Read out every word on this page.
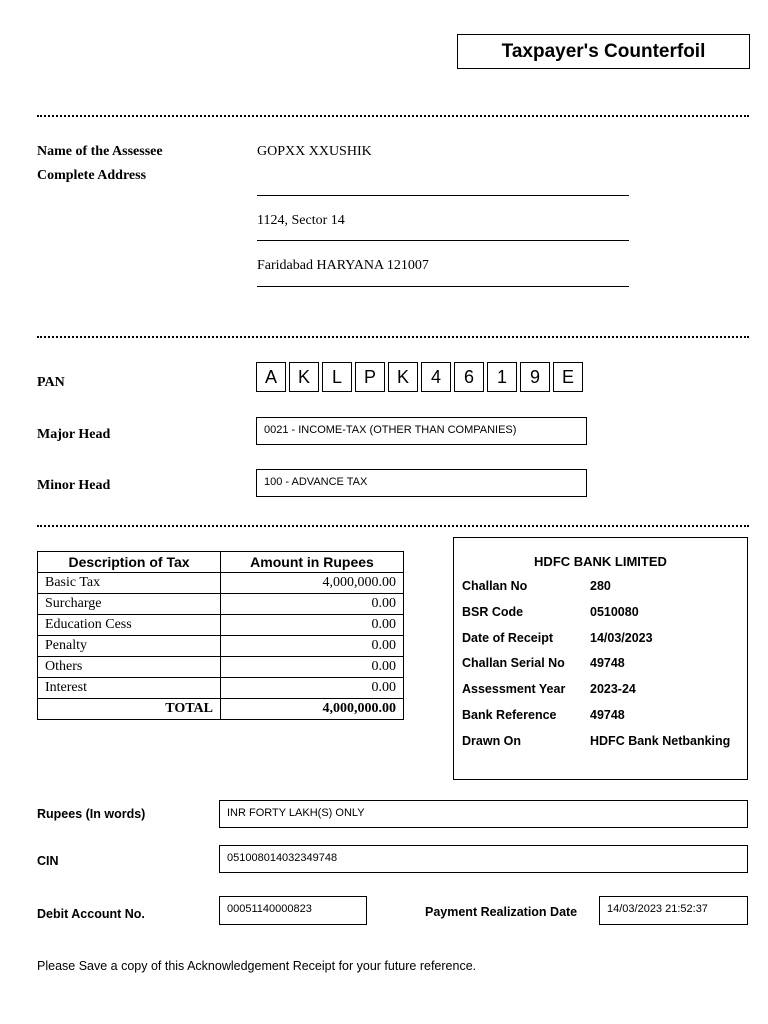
Taxpayer's Counterfoil
Name of the Assessee	GOPXX XXUSHIK
Complete Address
1124, Sector 14
Faridabad HARYANA 121007
PAN	A	K	L	P	K	4	6	1	9	E
Major Head	0021 - INCOME-TAX (OTHER THAN COMPANIES)
Minor Head	100 - ADVANCE TAX
Description of Tax	Amount in Rupees
Basic Tax	4,000,000.00
Surcharge	0.00
Education Cess	0.00
Penalty	0.00
Others	0.00
Interest	0.00
TOTAL	4,000,000.00
HDFC BANK LIMITED
Challan No	280
BSR Code	0510080
Date of Receipt	14/03/2023
Challan Serial No	49748
Assessment Year	2023-24
Bank Reference	49748
Drawn On	HDFC Bank Netbanking
Rupees (In words)	INR FORTY LAKH(S) ONLY
CIN	051008014032349748
Debit Account No.	00051140000823	Payment Realization Date	14/03/2023 21:52:37
Please Save a copy of this Acknowledgement Receipt for your future reference.
